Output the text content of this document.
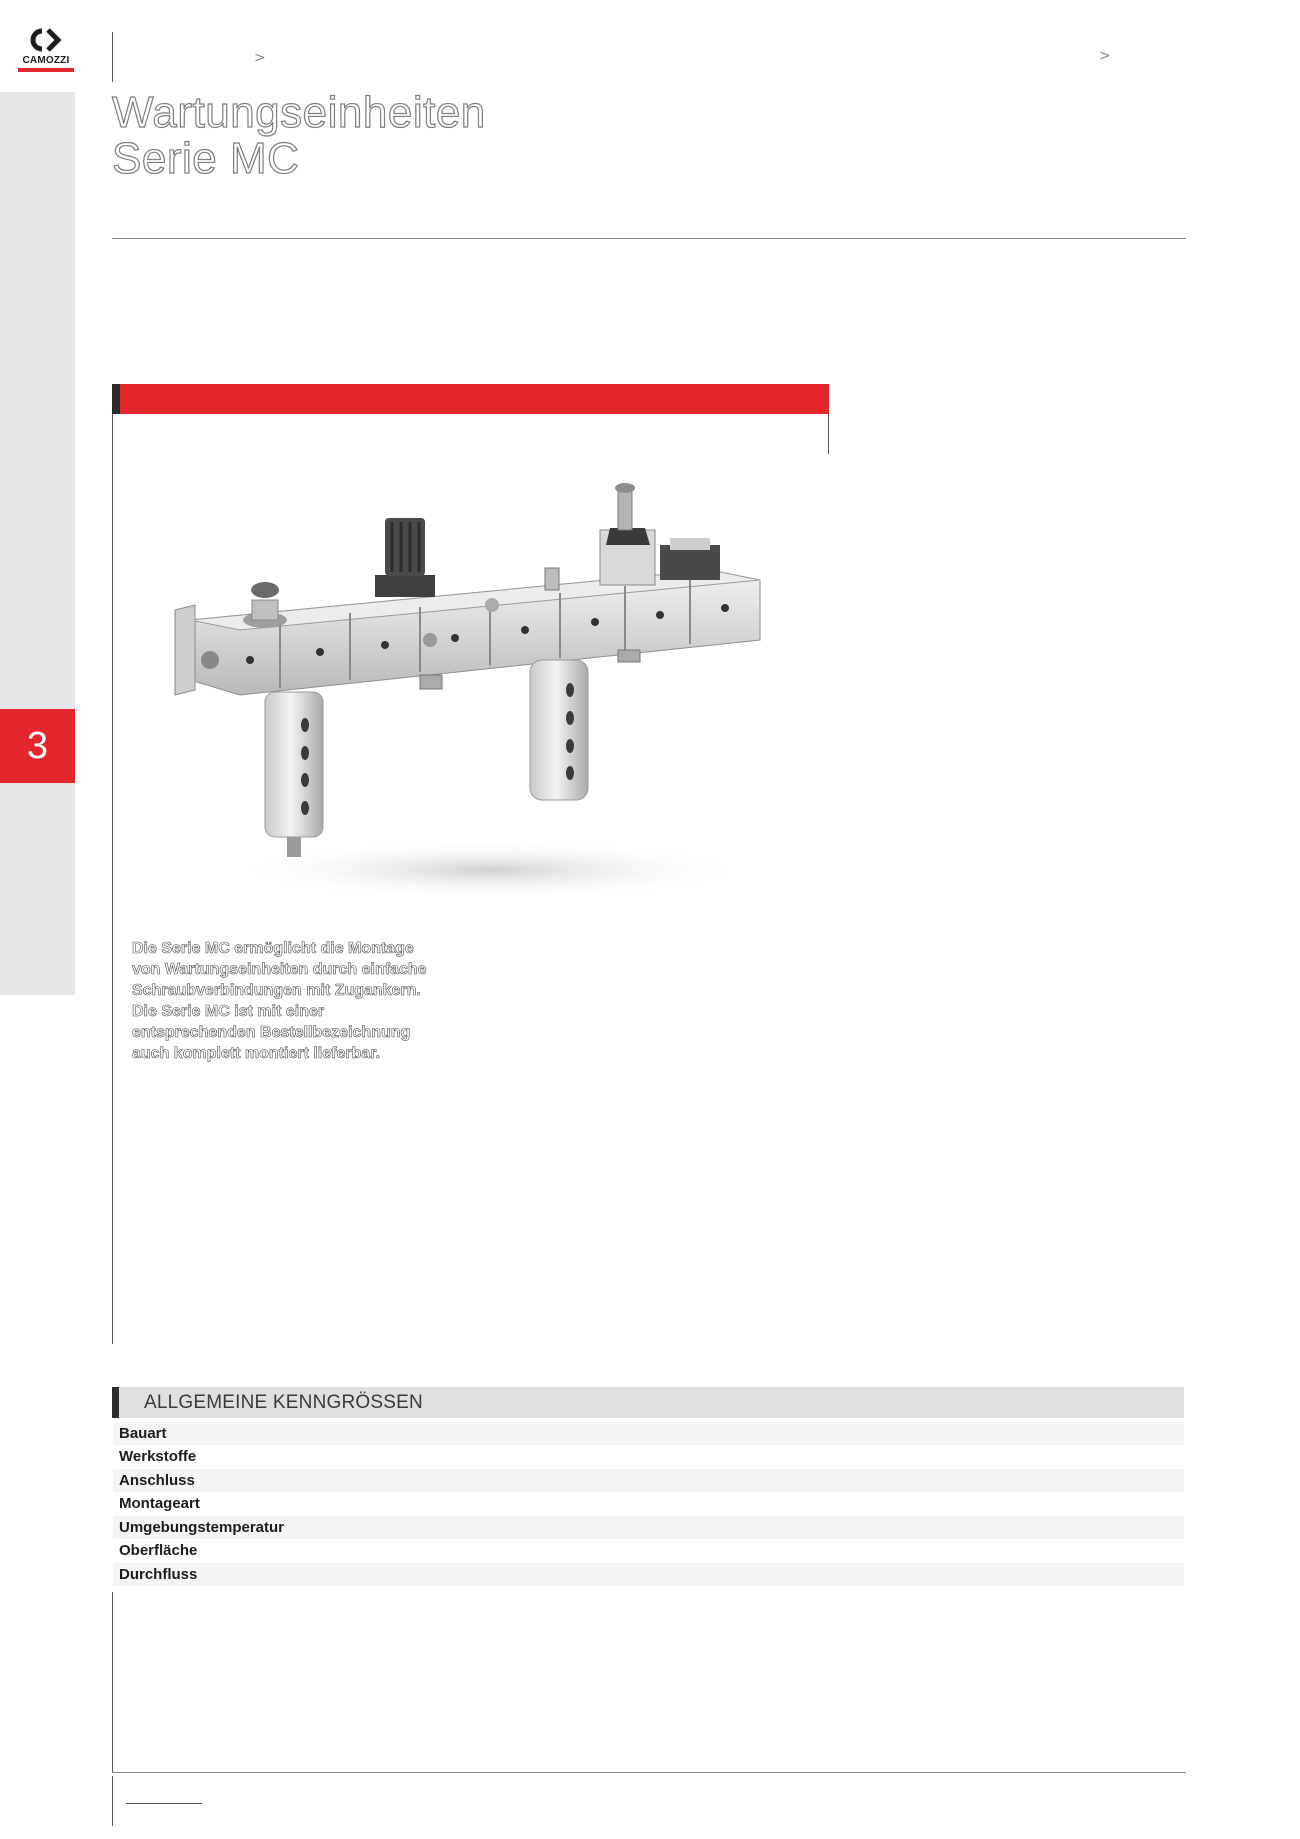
CAMOZZI	>	>
3
Wartungseinheiten
Serie MC

Die Serie MC ermöglicht die Montage

von Wartungseinheiten durch einfache

Schraubverbindungen mit Zugankern.

Die Serie MC ist mit einer

entsprechenden Bestellbezeichnung

auch komplett montiert lieferbar.

ALLGEMEINE KENNGRÖSSEN
Bauart
Werkstoffe
Anschluss
Montageart
Umgebungstemperatur
Oberfläche
Durchfluss
